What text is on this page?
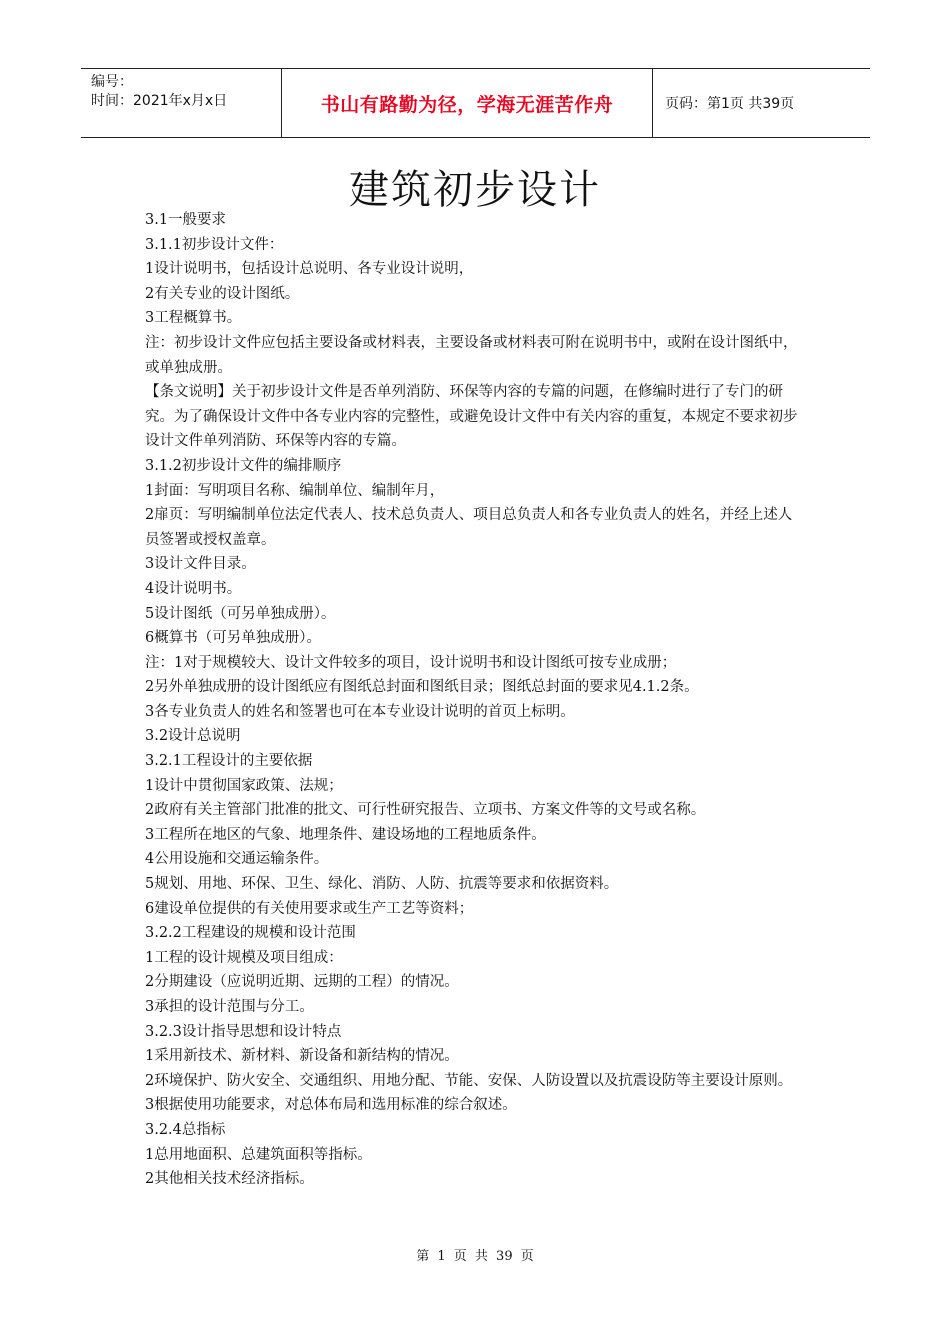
编号：
时间：2021年x月x日	书山有路勤为径，学海无涯苦作舟	页码：第1页 共39页
建筑初步设计

3.1一般要求

3.1.1初步设计文件：

1设计说明书，包括设计总说明、各专业设计说明，

2有关专业的设计图纸。

3工程概算书。

注：初步设计文件应包括主要设备或材料表，主要设备或材料表可附在说明书中，或附在设计图纸中，或单独成册。

【条文说明】关于初步设计文件是否单列消防、环保等内容的专篇的问题，在修编时进行了专门的研究。为了确保设计文件中各专业内容的完整性，或避免设计文件中有关内容的重复，本规定不要求初步设计文件单列消防、环保等内容的专篇。

3.1.2初步设计文件的编排顺序

1封面：写明项目名称、编制单位、编制年月，

2扉页：写明编制单位法定代表人、技术总负责人、项目总负责人和各专业负责人的姓名，并经上述人员签署或授权盖章。

3设计文件目录。

4设计说明书。

5设计图纸（可另单独成册）。

6概算书（可另单独成册）。

注：1对于规模较大、设计文件较多的项目，设计说明书和设计图纸可按专业成册；

2另外单独成册的设计图纸应有图纸总封面和图纸目录；图纸总封面的要求见4.1.2条。

3各专业负责人的姓名和签署也可在本专业设计说明的首页上标明。

3.2设计总说明

3.2.1工程设计的主要依据

1设计中贯彻国家政策、法规；

2政府有关主管部门批准的批文、可行性研究报告、立项书、方案文件等的文号或名称。

3工程所在地区的气象、地理条件、建设场地的工程地质条件。

4公用设施和交通运输条件。

5规划、用地、环保、卫生、绿化、消防、人防、抗震等要求和依据资料。

6建设单位提供的有关使用要求或生产工艺等资料；

3.2.2工程建设的规模和设计范围

1工程的设计规模及项目组成：

2分期建设（应说明近期、远期的工程）的情况。

3承担的设计范围与分工。

3.2.3设计指导思想和设计特点

1采用新技术、新材料、新设备和新结构的情况。

2环境保护、防火安全、交通组织、用地分配、节能、安保、人防设置以及抗震设防等主要设计原则。

3根据使用功能要求，对总体布局和选用标准的综合叙述。

3.2.4总指标

1总用地面积、总建筑面积等指标。

2其他相关技术经济指标。

第 1 页 共 39 页
